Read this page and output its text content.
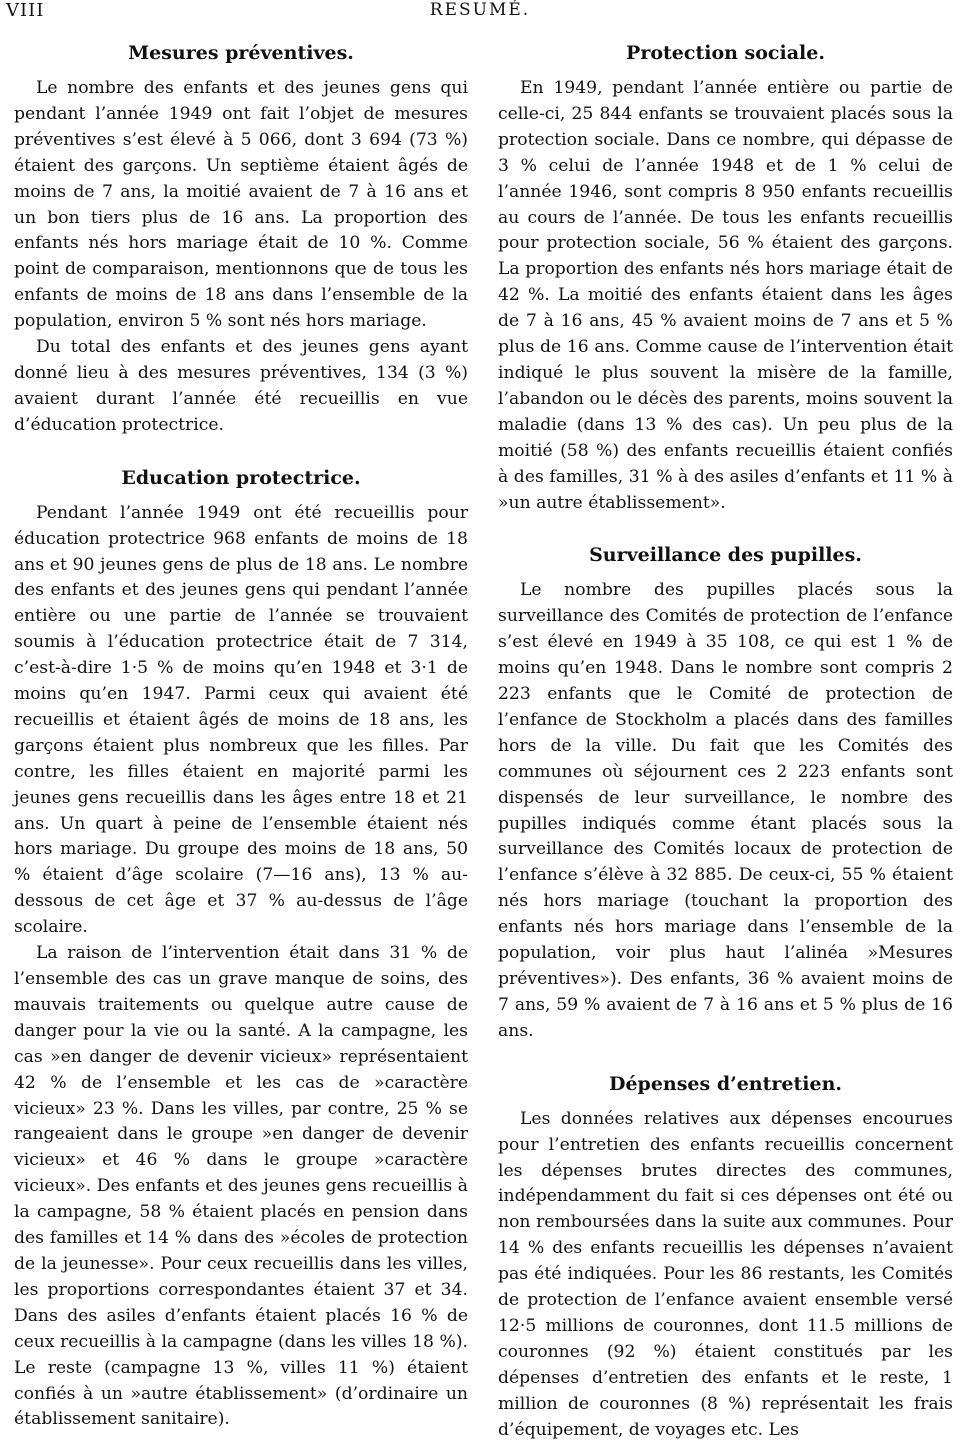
VIII	RESUMÉ.
Mesures préventives.

Le nombre des enfants et des jeunes gens qui pendant l’année 1949 ont fait l’objet de mesures préventives s’est élevé à 5 066, dont 3 694 (73 %) étaient des garçons. Un septième étaient âgés de moins de 7 ans, la moitié avaient de 7 à 16 ans et un bon tiers plus de 16 ans. La proportion des enfants nés hors mariage était de 10 %. Comme point de comparaison, mentionnons que de tous les enfants de moins de 18 ans dans l’ensemble de la population, environ 5 % sont nés hors mariage.

Du total des enfants et des jeunes gens ayant donné lieu à des mesures préventives, 134 (3 %) avaient durant l’année été recueillis en vue d’éducation protectrice.

Education protectrice.

Pendant l’année 1949 ont été recueillis pour éducation protectrice 968 enfants de moins de 18 ans et 90 jeunes gens de plus de 18 ans. Le nombre des enfants et des jeunes gens qui pendant l’année entière ou une partie de l’année se trouvaient soumis à l’éducation protectrice était de 7 314, c’est-à-dire 1·5 % de moins qu’en 1948 et 3·1 de moins qu’en 1947. Parmi ceux qui avaient été recueillis et étaient âgés de moins de 18 ans, les garçons étaient plus nombreux que les filles. Par contre, les filles étaient en majorité parmi les jeunes gens recueillis dans les âges entre 18 et 21 ans. Un quart à peine de l’ensemble étaient nés hors mariage. Du groupe des moins de 18 ans, 50 % étaient d’âge scolaire (7—16 ans), 13 % au-dessous de cet âge et 37 % au-dessus de l’âge scolaire.

La raison de l’intervention était dans 31 % de l’ensemble des cas un grave manque de soins, des mauvais traitements ou quelque autre cause de danger pour la vie ou la santé. A la campagne, les cas »en danger de devenir vicieux» représentaient 42 % de l’ensemble et les cas de »caractère vicieux» 23 %. Dans les villes, par contre, 25 % se rangeaient dans le groupe »en danger de devenir vicieux» et 46 % dans le groupe »caractère vicieux». Des enfants et des jeunes gens recueillis à la campagne, 58 % étaient placés en pension dans des familles et 14 % dans des »écoles de protection de la jeunesse». Pour ceux recueillis dans les villes, les proportions correspondantes étaient 37 et 34. Dans des asiles d’enfants étaient placés 16 % de ceux recueillis à la campagne (dans les villes 18 %). Le reste (campagne 13 %, villes 11 %) étaient confiés à un »autre établissement» (d’ordinaire un établissement sanitaire).

Protection sociale.

En 1949, pendant l’année entière ou partie de celle-ci, 25 844 enfants se trouvaient placés sous la protection sociale. Dans ce nombre, qui dépasse de 3 % celui de l’année 1948 et de 1 % celui de l’année 1946, sont compris 8 950 enfants recueillis au cours de l’année. De tous les enfants recueillis pour protection sociale, 56 % étaient des garçons. La proportion des enfants nés hors mariage était de 42 %. La moitié des enfants étaient dans les âges de 7 à 16 ans, 45 % avaient moins de 7 ans et 5 % plus de 16 ans. Comme cause de l’intervention était indiqué le plus souvent la misère de la famille, l’abandon ou le décès des parents, moins souvent la maladie (dans 13 % des cas). Un peu plus de la moitié (58 %) des enfants recueillis étaient confiés à des familles, 31 % à des asiles d’enfants et 11 % à »un autre établissement».

Surveillance des pupilles.

Le nombre des pupilles placés sous la surveillance des Comités de protection de l’enfance s’est élevé en 1949 à 35 108, ce qui est 1 % de moins qu’en 1948. Dans le nombre sont compris 2 223 enfants que le Comité de protection de l’enfance de Stockholm a placés dans des familles hors de la ville. Du fait que les Comités des communes où séjournent ces 2 223 enfants sont dispensés de leur surveillance, le nombre des pupilles indiqués comme étant placés sous la surveillance des Comités locaux de protection de l’enfance s’élève à 32 885. De ceux-ci, 55 % étaient nés hors mariage (touchant la proportion des enfants nés hors mariage dans l’ensemble de la population, voir plus haut l’alinéa »Mesures préventives»). Des enfants, 36 % avaient moins de 7 ans, 59 % avaient de 7 à 16 ans et 5 % plus de 16 ans.

Dépenses d’entretien.

Les données relatives aux dépenses encourues pour l’entretien des enfants recueillis concernent les dépenses brutes directes des communes, indépendamment du fait si ces dépenses ont été ou non remboursées dans la suite aux communes. Pour 14 % des enfants recueillis les dépenses n’avaient pas été indiquées. Pour les 86 restants, les Comités de protection de l’enfance avaient ensemble versé 12·5 millions de couronnes, dont 11.5 millions de couronnes (92 %) étaient constitués par les dépenses d’entretien des enfants et le reste, 1 million de couronnes (8 %) représentait les frais d’équipement, de voyages etc. Les
